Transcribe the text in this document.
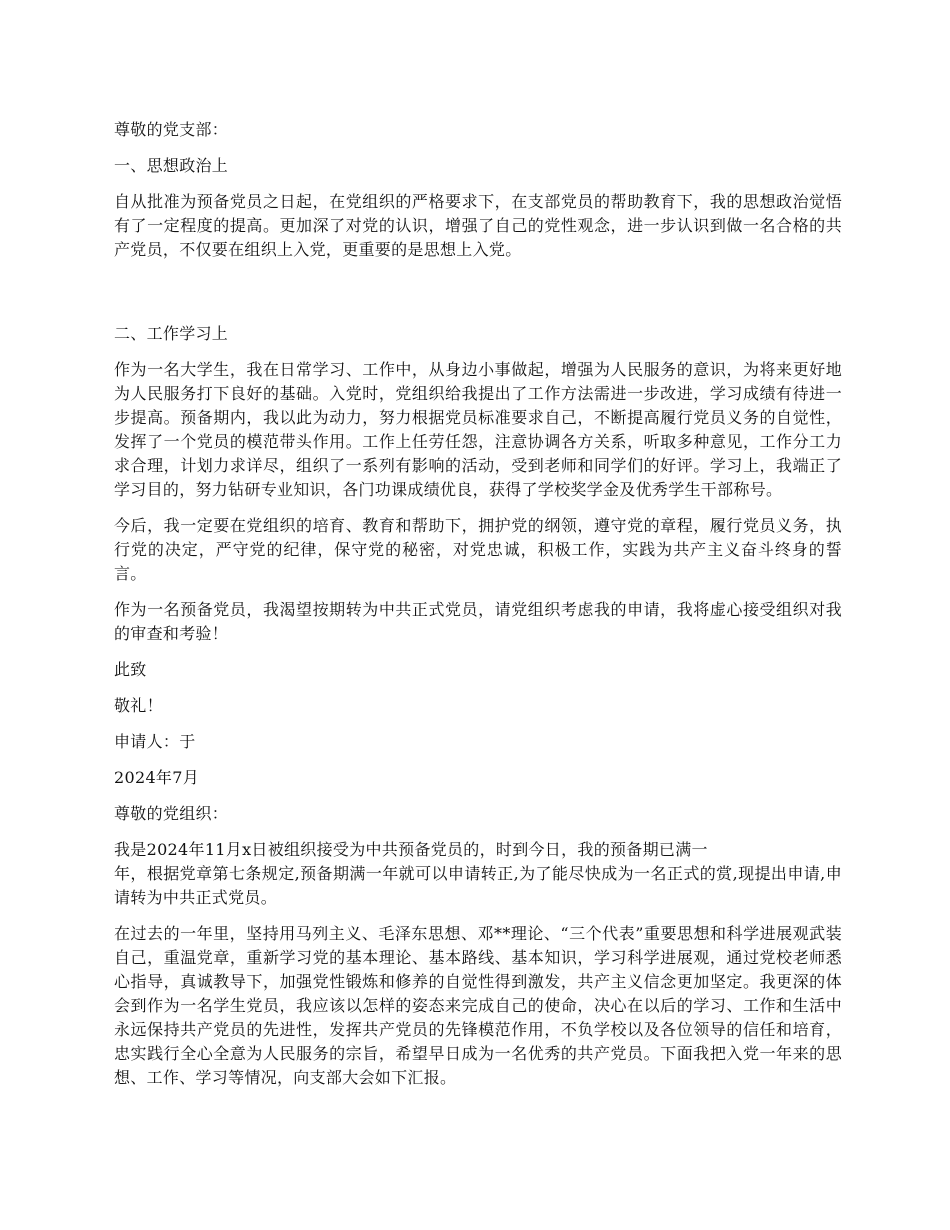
尊敬的党支部：

一、思想政治上

自从批准为预备党员之日起，在党组织的严格要求下，在支部党员的帮助教育下，我的思想政治觉悟有了一定程度的提高。更加深了对党的认识，增强了自己的党性观念，进一步认识到做一名合格的共产党员，不仅要在组织上入党，更重要的是思想上入党。

二、工作学习上

作为一名大学生，我在日常学习、工作中，从身边小事做起，增强为人民服务的意识，为将来更好地为人民服务打下良好的基础。入党时，党组织给我提出了工作方法需进一步改进，学习成绩有待进一步提高。预备期内，我以此为动力，努力根据党员标准要求自己，不断提高履行党员义务的自觉性，发挥了一个党员的模范带头作用。工作上任劳任怨，注意协调各方关系，听取多种意见，工作分工力求合理，计划力求详尽，组织了一系列有影响的活动，受到老师和同学们的好评。学习上，我端正了学习目的，努力钻研专业知识，各门功课成绩优良，获得了学校奖学金及优秀学生干部称号。

今后，我一定要在党组织的培育、教育和帮助下，拥护党的纲领，遵守党的章程，履行党员义务，执行党的决定，严守党的纪律，保守党的秘密，对党忠诚，积极工作，实践为共产主义奋斗终身的誓言。

作为一名预备党员，我渴望按期转为中共正式党员，请党组织考虑我的申请，我将虚心接受组织对我的审查和考验！

此致

敬礼！

申请人：于

2024年7月

尊敬的党组织：

我是2024年11月x日被组织接受为中共预备党员的，时到今日，我的预备期已满一
年，根据党章第七条规定,预备期满一年就可以申请转正,为了能尽快成为一名正式的赏,现提出申请,申请转为中共正式党员。

在过去的一年里，坚持用马列主义、毛泽东思想、邓**理论、“三个代表”重要思想和科学进展观武装自己，重温党章，重新学习党的基本理论、基本路线、基本知识，学习科学进展观，通过党校老师悉心指导，真诚教导下，加强党性锻炼和修养的自觉性得到激发，共产主义信念更加坚定。我更深的体会到作为一名学生党员，我应该以怎样的姿态来完成自己的使命，决心在以后的学习、工作和生活中永远保持共产党员的先进性，发挥共产党员的先锋模范作用，不负学校以及各位领导的信任和培育，忠实践行全心全意为人民服务的宗旨，希望早日成为一名优秀的共产党员。下面我把入党一年来的思想、工作、学习等情况，向支部大会如下汇报。
